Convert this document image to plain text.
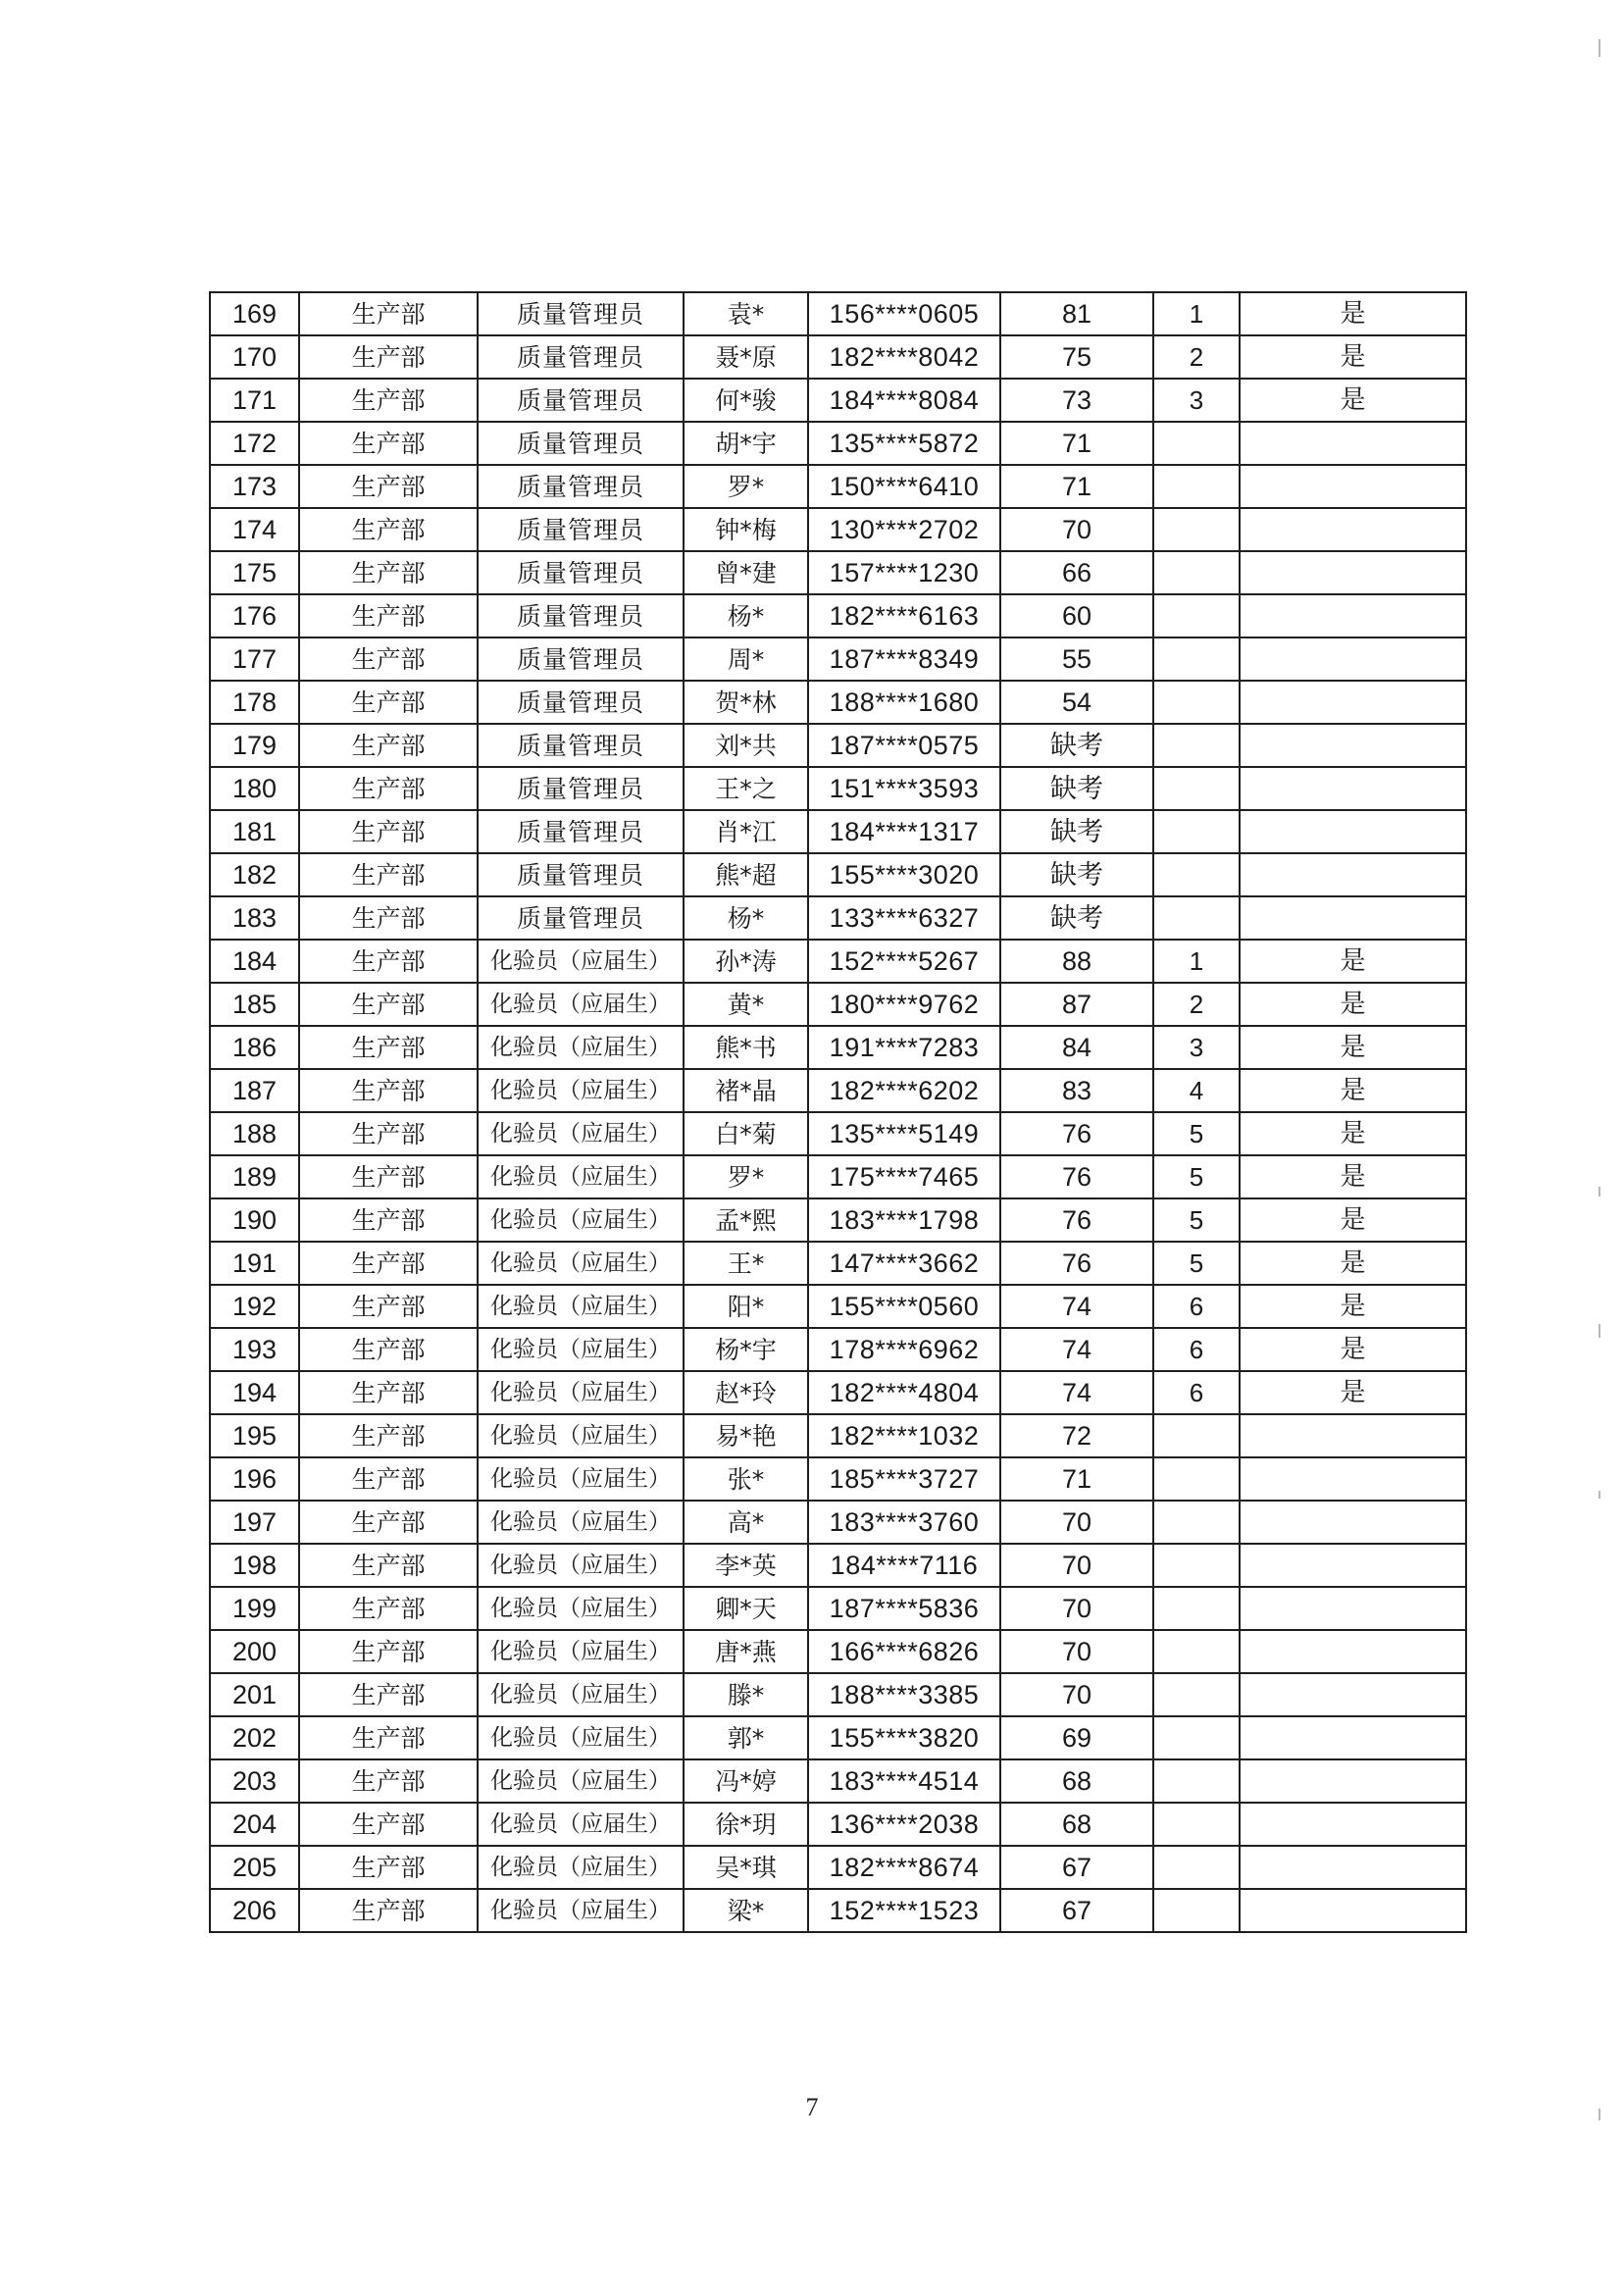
169	生产部	质量管理员	袁*	156****0605	81	1	是
170	生产部	质量管理员	聂*原	182****8042	75	2	是
171	生产部	质量管理员	何*骏	184****8084	73	3	是
172	生产部	质量管理员	胡*宇	135****5872	71		
173	生产部	质量管理员	罗*	150****6410	71		
174	生产部	质量管理员	钟*梅	130****2702	70		
175	生产部	质量管理员	曾*建	157****1230	66		
176	生产部	质量管理员	杨*	182****6163	60		
177	生产部	质量管理员	周*	187****8349	55		
178	生产部	质量管理员	贺*林	188****1680	54		
179	生产部	质量管理员	刘*共	187****0575	缺考		
180	生产部	质量管理员	王*之	151****3593	缺考		
181	生产部	质量管理员	肖*江	184****1317	缺考		
182	生产部	质量管理员	熊*超	155****3020	缺考		
183	生产部	质量管理员	杨*	133****6327	缺考		
184	生产部	化验员（应届生）	孙*涛	152****5267	88	1	是
185	生产部	化验员（应届生）	黄*	180****9762	87	2	是
186	生产部	化验员（应届生）	熊*书	191****7283	84	3	是
187	生产部	化验员（应届生）	褚*晶	182****6202	83	4	是
188	生产部	化验员（应届生）	白*菊	135****5149	76	5	是
189	生产部	化验员（应届生）	罗*	175****7465	76	5	是
190	生产部	化验员（应届生）	孟*熙	183****1798	76	5	是
191	生产部	化验员（应届生）	王*	147****3662	76	5	是
192	生产部	化验员（应届生）	阳*	155****0560	74	6	是
193	生产部	化验员（应届生）	杨*宇	178****6962	74	6	是
194	生产部	化验员（应届生）	赵*玲	182****4804	74	6	是
195	生产部	化验员（应届生）	易*艳	182****1032	72		
196	生产部	化验员（应届生）	张*	185****3727	71		
197	生产部	化验员（应届生）	高*	183****3760	70		
198	生产部	化验员（应届生）	李*英	184****7116	70		
199	生产部	化验员（应届生）	卿*天	187****5836	70		
200	生产部	化验员（应届生）	唐*燕	166****6826	70		
201	生产部	化验员（应届生）	滕*	188****3385	70		
202	生产部	化验员（应届生）	郭*	155****3820	69		
203	生产部	化验员（应届生）	冯*婷	183****4514	68		
204	生产部	化验员（应届生）	徐*玥	136****2038	68		
205	生产部	化验员（应届生）	吴*琪	182****8674	67		
206	生产部	化验员（应届生）	梁*	152****1523	67		
7
